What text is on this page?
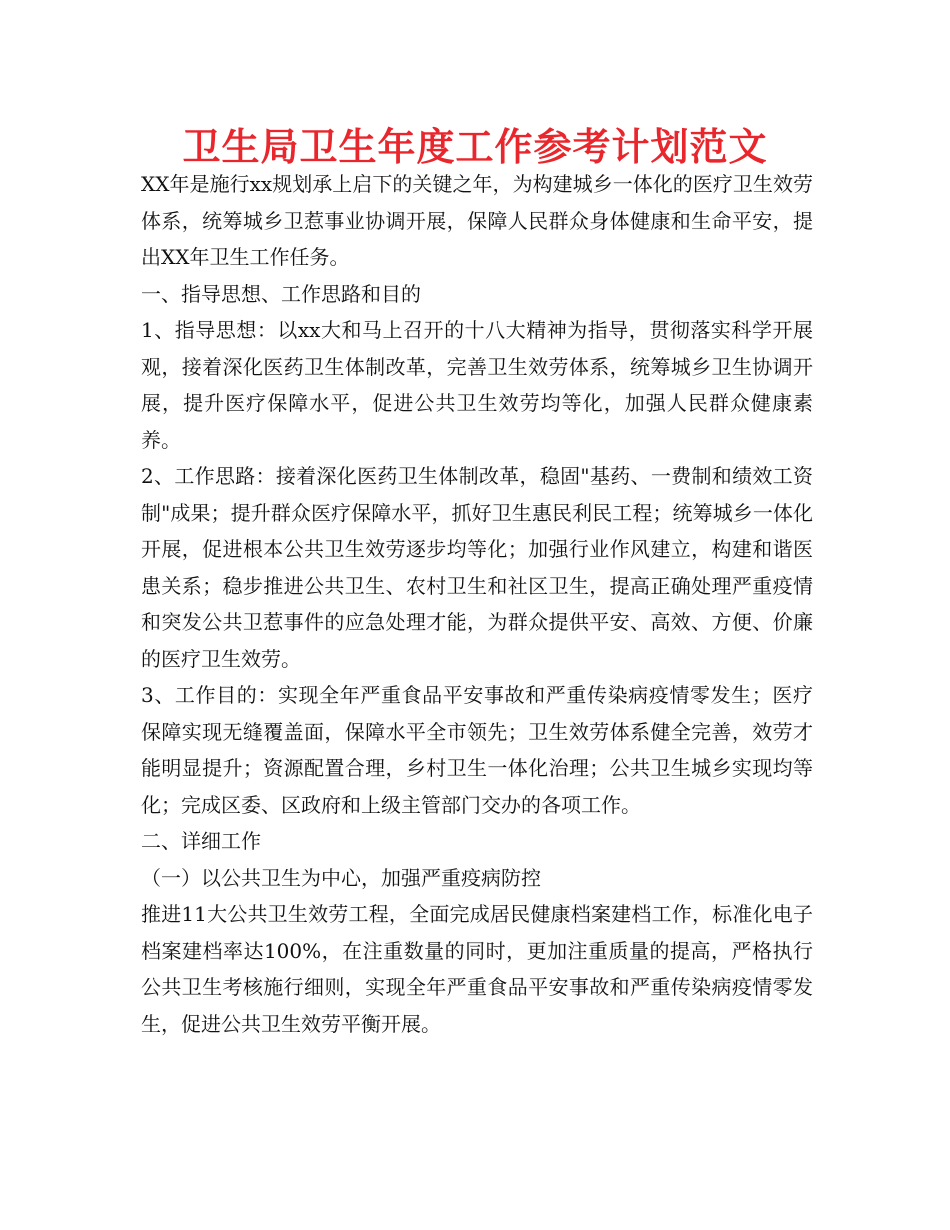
卫生局卫生年度工作参考计划范文

XX年是施行xx规划承上启下的关键之年，为构建城乡一体化的医疗卫生效劳体系，统筹城乡卫惹事业协调开展，保障人民群众身体健康和生命平安，提出XX年卫生工作任务。

一、指导思想、工作思路和目的

1、指导思想：以xx大和马上召开的十八大精神为指导，贯彻落实科学开展观，接着深化医药卫生体制改革，完善卫生效劳体系，统筹城乡卫生协调开展，提升医疗保障水平，促进公共卫生效劳均等化，加强人民群众健康素养。

2、工作思路：接着深化医药卫生体制改革，稳固"基药、一费制和绩效工资制"成果；提升群众医疗保障水平，抓好卫生惠民利民工程；统筹城乡一体化开展，促进根本公共卫生效劳逐步均等化；加强行业作风建立，构建和谐医患关系；稳步推进公共卫生、农村卫生和社区卫生，提高正确处理严重疫情和突发公共卫惹事件的应急处理才能，为群众提供平安、高效、方便、价廉的医疗卫生效劳。

3、工作目的：实现全年严重食品平安事故和严重传染病疫情零发生；医疗保障实现无缝覆盖面，保障水平全市领先；卫生效劳体系健全完善，效劳才能明显提升；资源配置合理，乡村卫生一体化治理；公共卫生城乡实现均等化；完成区委、区政府和上级主管部门交办的各项工作。

二、详细工作

（一）以公共卫生为中心，加强严重疫病防控

推进11大公共卫生效劳工程，全面完成居民健康档案建档工作，标准化电子档案建档率达100%，在注重数量的同时，更加注重质量的提高，严格执行公共卫生考核施行细则，实现全年严重食品平安事故和严重传染病疫情零发生，促进公共卫生效劳平衡开展。
